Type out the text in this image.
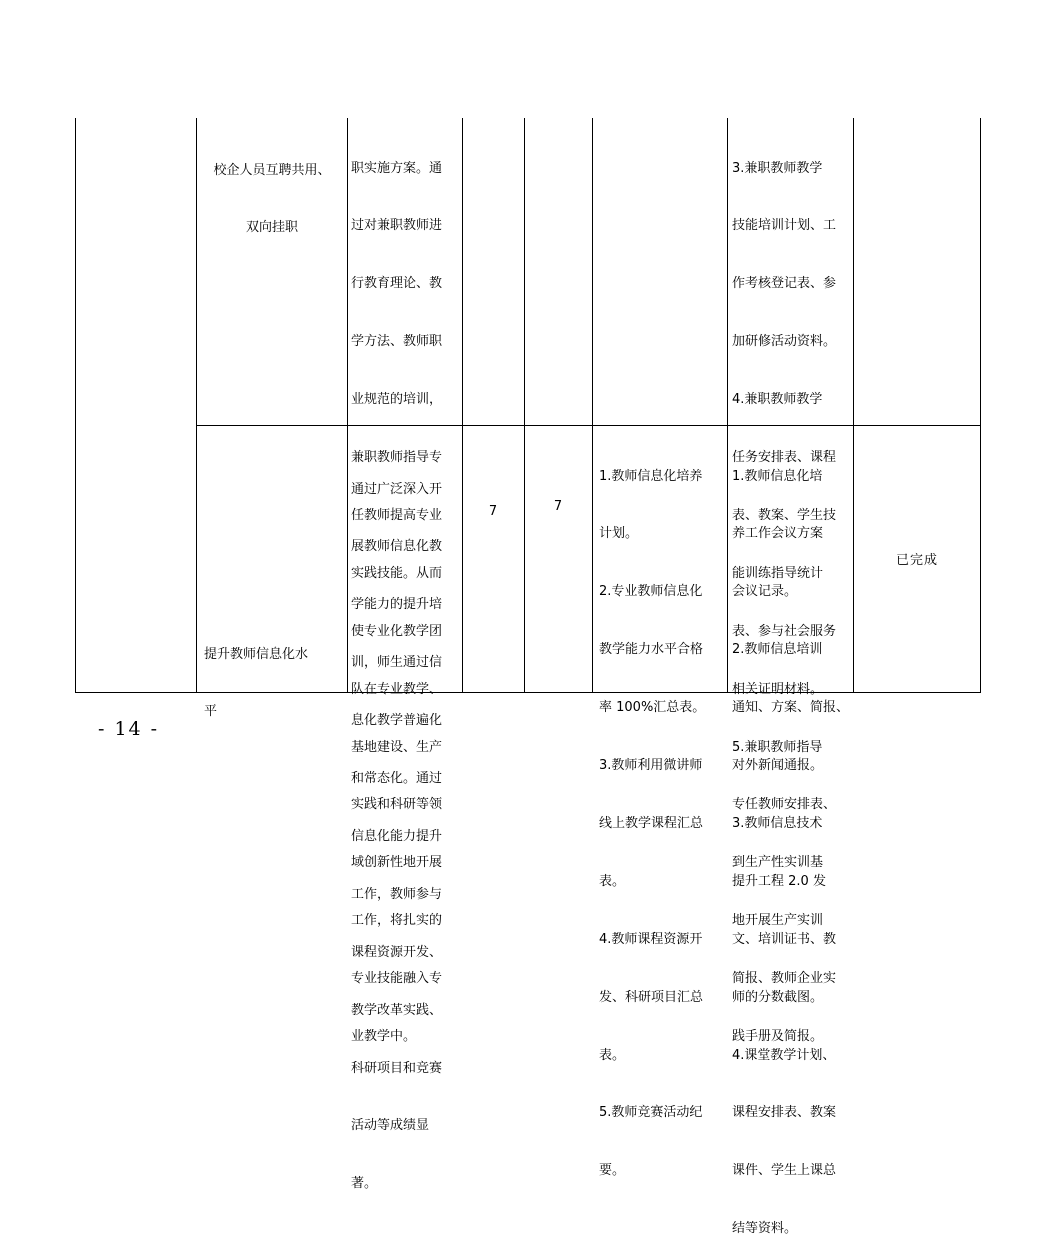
校企人员互聘共用、

双向挂职

职实施方案。通

过对兼职教师进

行教育理论、教

学方法、教师职

业规范的培训，

兼职教师指导专

任教师提高专业

实践技能。从而

使专业化教学团

队在专业教学、

基地建设、生产

实践和科研等领

域创新性地开展

工作，将扎实的

专业技能融入专

业教学中。

3.兼职教师教学

技能培训计划、工

作考核登记表、参

加研修活动资料。

4.兼职教师教学

任务安排表、课程

表、教案、学生技

能训练指导统计

表、参与社会服务

相关证明材料。

5.兼职教师指导

专任教师安排表、

到生产性实训基

地开展生产实训

简报、教师企业实

践手册及简报。

提升教师信息化水

平

通过广泛深入开

展教师信息化教

学能力的提升培

训，师生通过信

息化教学普遍化

和常态化。通过

信息化能力提升

工作，教师参与

课程资源开发、

教学改革实践、

科研项目和竞赛

活动等成绩显

著。

7	7

1.教师信息化培养

计划。

2.专业教师信息化

教学能力水平合格

率 100%汇总表。

3.教师利用微讲师

线上教学课程汇总

表。

4.教师课程资源开

发、科研项目汇总

表。

5.教师竞赛活动纪

要。

1.教师信息化培

养工作会议方案

会议记录。

2.教师信息培训

通知、方案、简报、

对外新闻通报。

3.教师信息技术

提升工程 2.0 发

文、培训证书、教

师的分数截图。

4.课堂教学计划、

课程安排表、教案

课件、学生上课总

结等资料。

已完成
- 14 -
